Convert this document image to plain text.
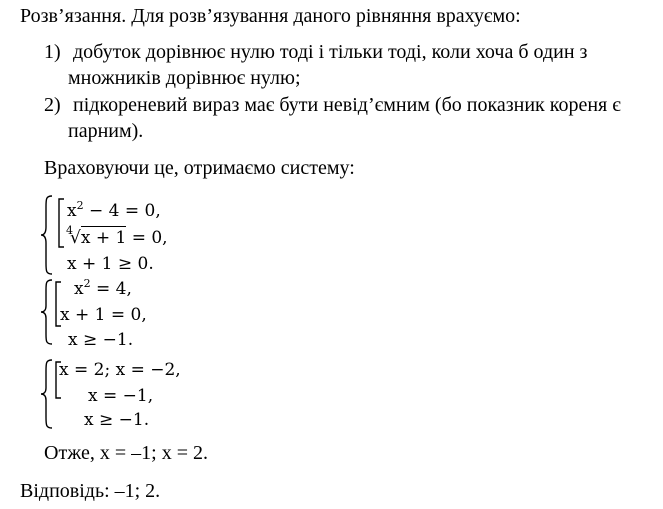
Розв’язання. Для розв’язування даного рівняння врахуємо:
1) добуток дорівнює нулю тоді і тільки тоді, коли хоча б один з
множників дорівнює нулю;
2) підкореневий вираз має бути невід’ємним (бо показник кореня є
парним).
Враховуючи це, отримаємо систему:
$x^2 - 4 = 0$,
$^4$√x + 1 = 0,
x + 1 ≥ 0.
$x^2 = 4$,
x + 1 = 0,
x ≥ −1.
x = 2; x = −2,
x = −1,
x ≥ −1.
Отже, x = –1; x = 2.
Відповідь: –1; 2.
